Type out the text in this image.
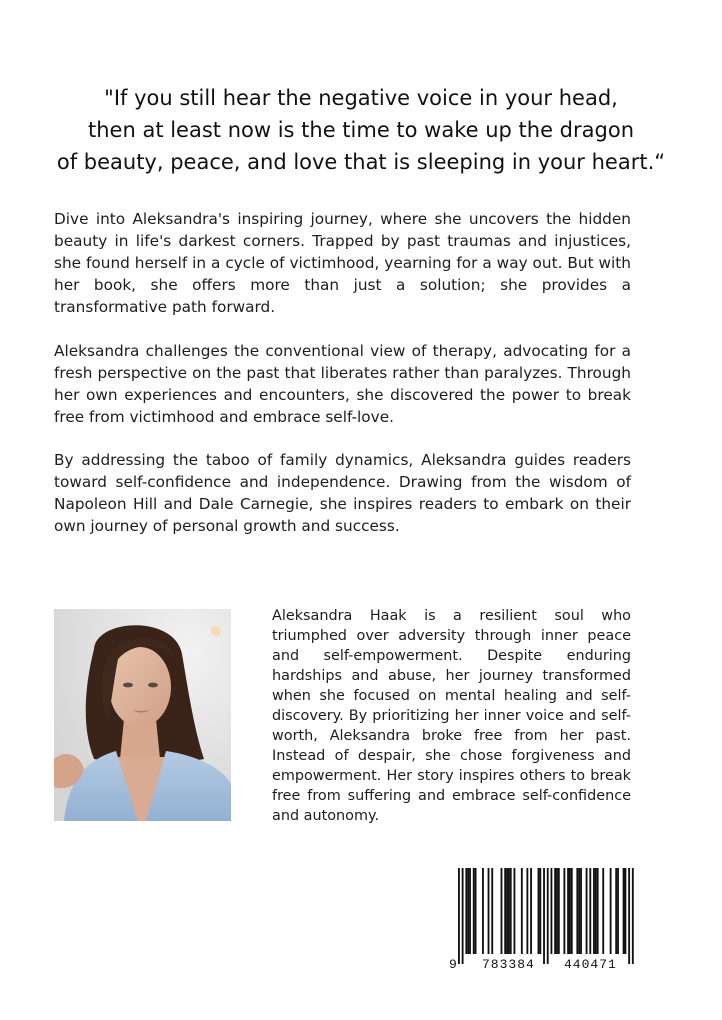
"If you still hear the negative voice in your head,
then at least now is the time to wake up the dragon
of beauty, peace, and love that is sleeping in your heart.“

Dive into Aleksandra's inspiring journey, where she uncovers the hidden beauty in life's darkest corners. Trapped by past traumas and injustices, she found herself in a cycle of victimhood, yearning for a way out. But with her book, she offers more than just a solution; she provides a transformative path forward.

Aleksandra challenges the conventional view of therapy, advocating for a fresh perspective on the past that liberates rather than paralyzes. Through her own experiences and encounters, she discovered the power to break free from victimhood and embrace self-love.

By addressing the taboo of family dynamics, Aleksandra guides readers toward self-confidence and independence. Drawing from the wisdom of Napoleon Hill and Dale Carnegie, she inspires readers to embark on their own journey of personal growth and success.

Aleksandra Haak is a resilient soul who triumphed over adversity through inner peace and self-empowerment. Despite enduring hardships and abuse, her journey transformed when she focused on mental healing and self-discovery. By prioritizing her inner voice and self-worth, Aleksandra broke free from her past. Instead of despair, she chose forgiveness and empowerment. Her story inspires others to break free from suffering and embrace self-confidence and autonomy.

9 783384 440471
